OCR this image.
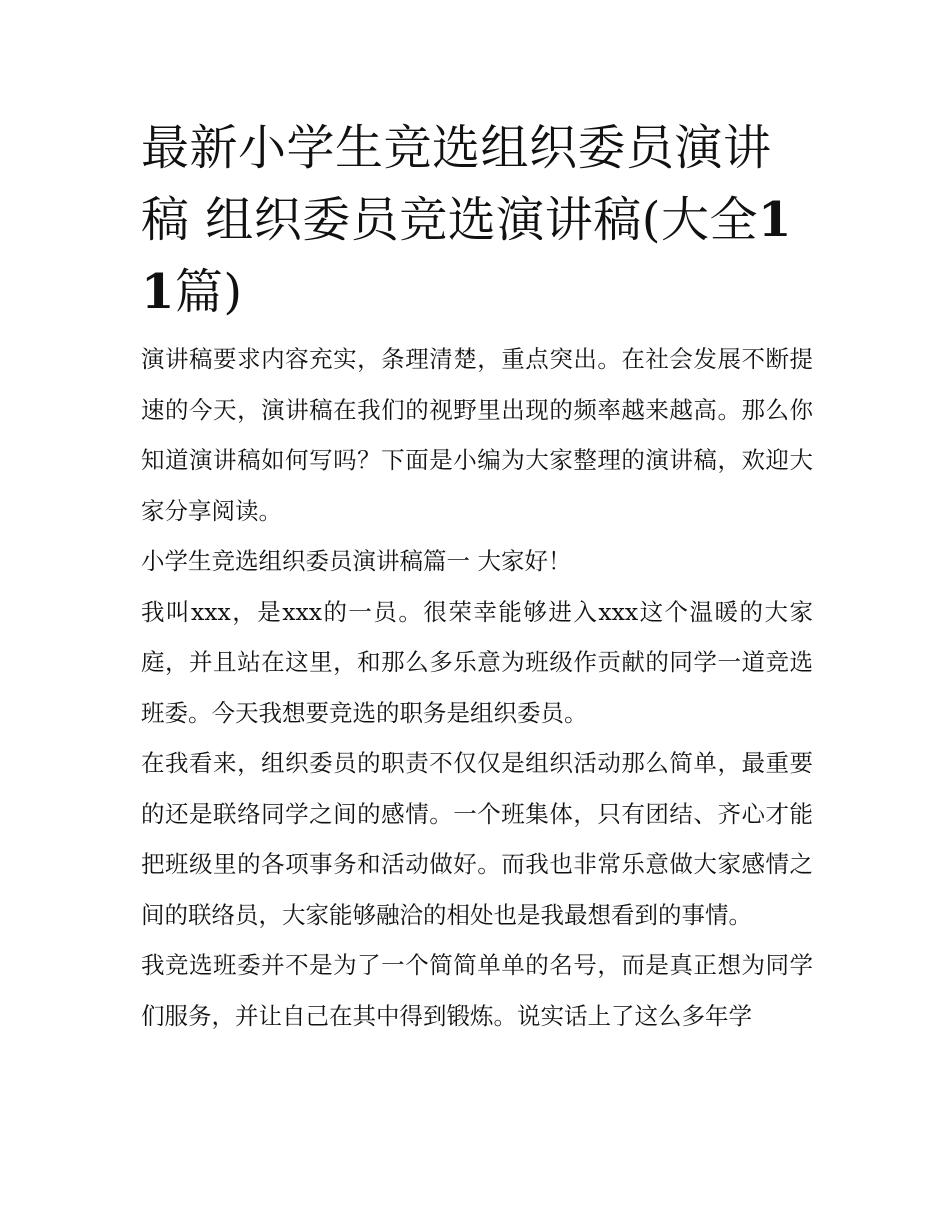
最新小学生竞选组织委员演讲稿 组织委员竞选演讲稿(大全11篇)

演讲稿要求内容充实，条理清楚，重点突出。在社会发展不断提速的今天，演讲稿在我们的视野里出现的频率越来越高。那么你知道演讲稿如何写吗？下面是小编为大家整理的演讲稿，欢迎大家分享阅读。

小学生竞选组织委员演讲稿篇一 大家好！

我叫xxx，是xxx的一员。很荣幸能够进入xxx这个温暖的大家庭，并且站在这里，和那么多乐意为班级作贡献的同学一道竞选班委。今天我想要竞选的职务是组织委员。

在我看来，组织委员的职责不仅仅是组织活动那么简单，最重要的还是联络同学之间的感情。一个班集体，只有团结、齐心才能把班级里的各项事务和活动做好。而我也非常乐意做大家感情之间的联络员，大家能够融洽的相处也是我最想看到的事情。

我竞选班委并不是为了一个简简单单的名号，而是真正想为同学们服务，并让自己在其中得到锻炼。说实话上了这么多年学
